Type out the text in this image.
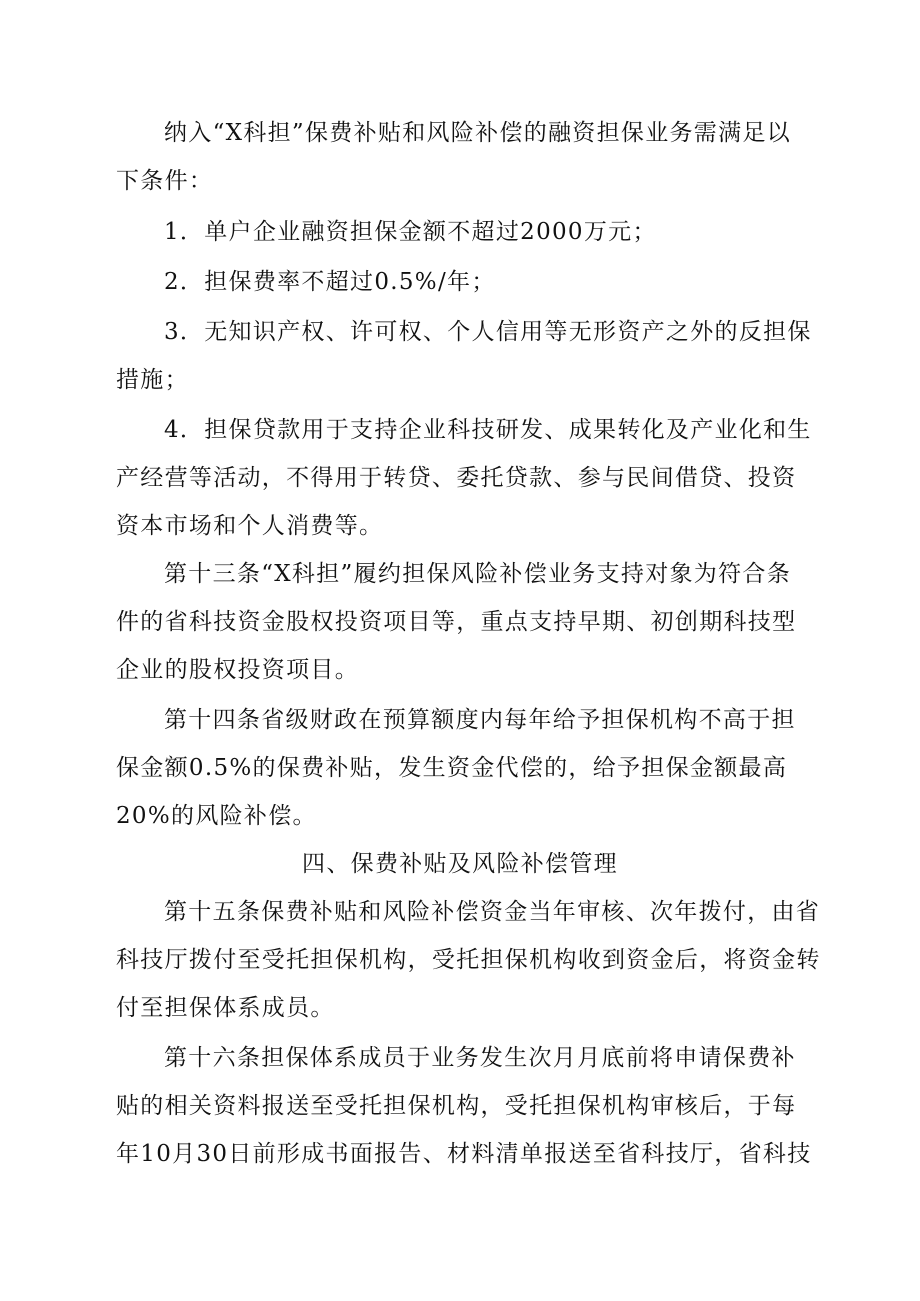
纳入“X科担”保费补贴和风险补偿的融资担保业务需满足以
下条件：
1．单户企业融资担保金额不超过2000万元；
2．担保费率不超过0.5%/年；
3．无知识产权、许可权、个人信用等无形资产之外的反担保
措施；
4．担保贷款用于支持企业科技研发、成果转化及产业化和生
产经营等活动，不得用于转贷、委托贷款、参与民间借贷、投资
资本市场和个人消费等。
第十三条“X科担”履约担保风险补偿业务支持对象为符合条
件的省科技资金股权投资项目等，重点支持早期、初创期科技型
企业的股权投资项目。
第十四条省级财政在预算额度内每年给予担保机构不高于担
保金额0.5%的保费补贴，发生资金代偿的，给予担保金额最高
20%的风险补偿。
四、保费补贴及风险补偿管理
第十五条保费补贴和风险补偿资金当年审核、次年拨付，由省
科技厅拨付至受托担保机构，受托担保机构收到资金后，将资金转
付至担保体系成员。
第十六条担保体系成员于业务发生次月月底前将申请保费补
贴的相关资料报送至受托担保机构，受托担保机构审核后，于每
年10月30日前形成书面报告、材料清单报送至省科技厅，省科技
